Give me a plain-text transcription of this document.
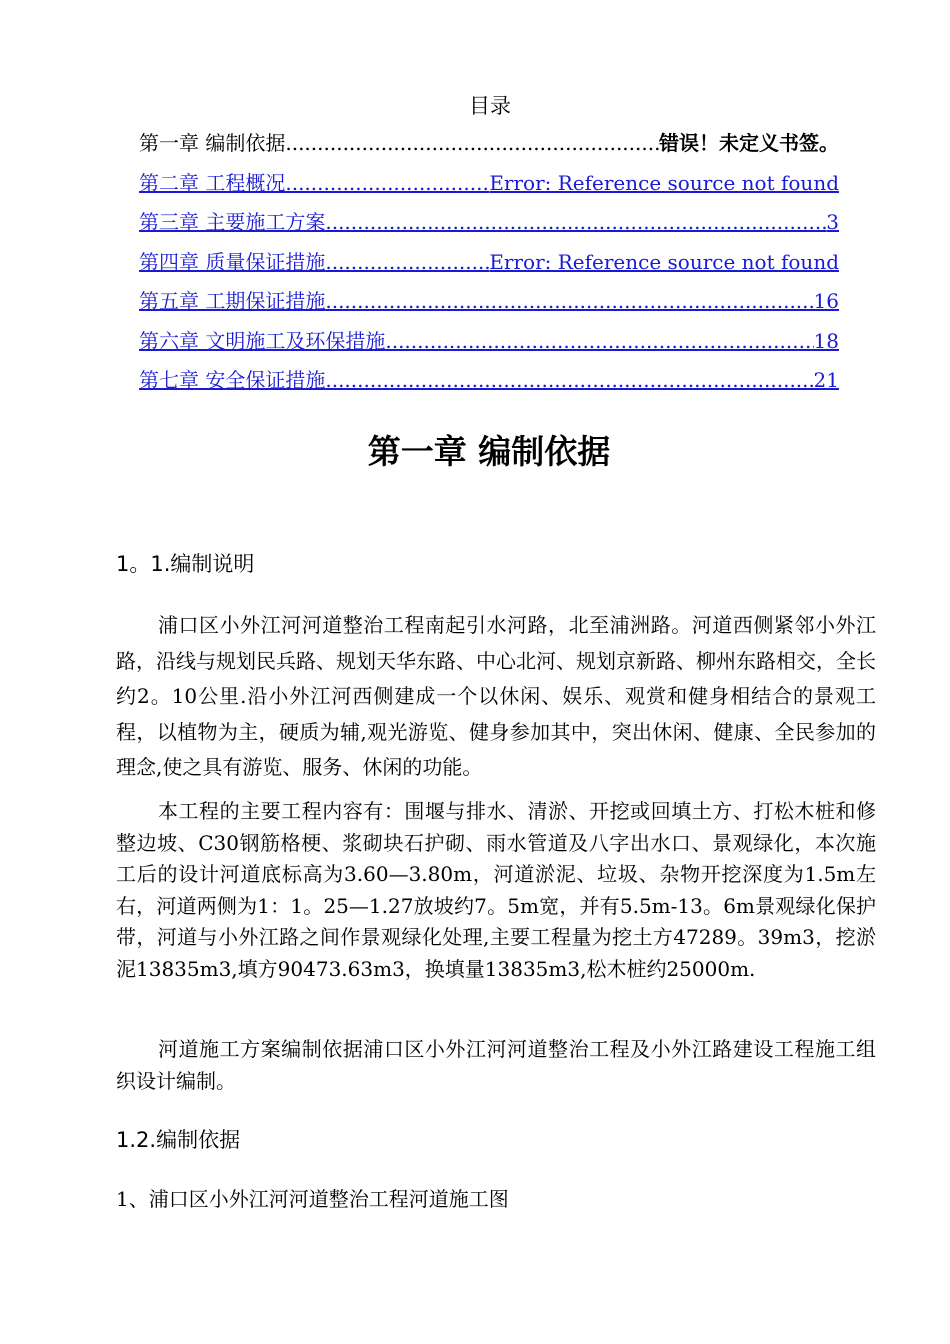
目录
第一章 编制依据 .....	错误！未定义书签。
第二章 工程概况 .....	Error: Reference source not found
第三章 主要施工方案 .....	3
第四章 质量保证措施 .....	Error: Reference source not found
第五章 工期保证措施 .....	16
第六章 文明施工及环保措施 .....	18
第七章 安全保证措施 .....	21
第一章 编制依据
1。1.编制说明
浦口区小外江河河道整治工程南起引水河路，北至浦洲路。河道西侧紧邻小外江路，沿线与规划民兵路、规划天华东路、中心北河、规划京新路、柳州东路相交，全长约2。10公里.沿小外江河西侧建成一个以休闲、娱乐、观赏和健身相结合的景观工程，以植物为主，硬质为辅,观光游览、健身参加其中，突出休闲、健康、全民参加的理念,使之具有游览、服务、休闲的功能。
本工程的主要工程内容有：围堰与排水、清淤、开挖或回填土方、打松木桩和修整边坡、C30钢筋格梗、浆砌块石护砌、雨水管道及八字出水口、景观绿化，本次施工后的设计河道底标高为3.60—3.80m，河道淤泥、垃圾、杂物开挖深度为1.5m左右，河道两侧为1：1。25—1.27放坡约7。5m宽，并有5.5m-13。6m景观绿化保护带，河道与小外江路之间作景观绿化处理,主要工程量为挖土方47289。39m3，挖淤泥13835m3,填方90473.63m3，换填量13835m3,松木桩约25000m.
河道施工方案编制依据浦口区小外江河河道整治工程及小外江路建设工程施工组织设计编制。
1.2.编制依据
1、浦口区小外江河河道整治工程河道施工图
